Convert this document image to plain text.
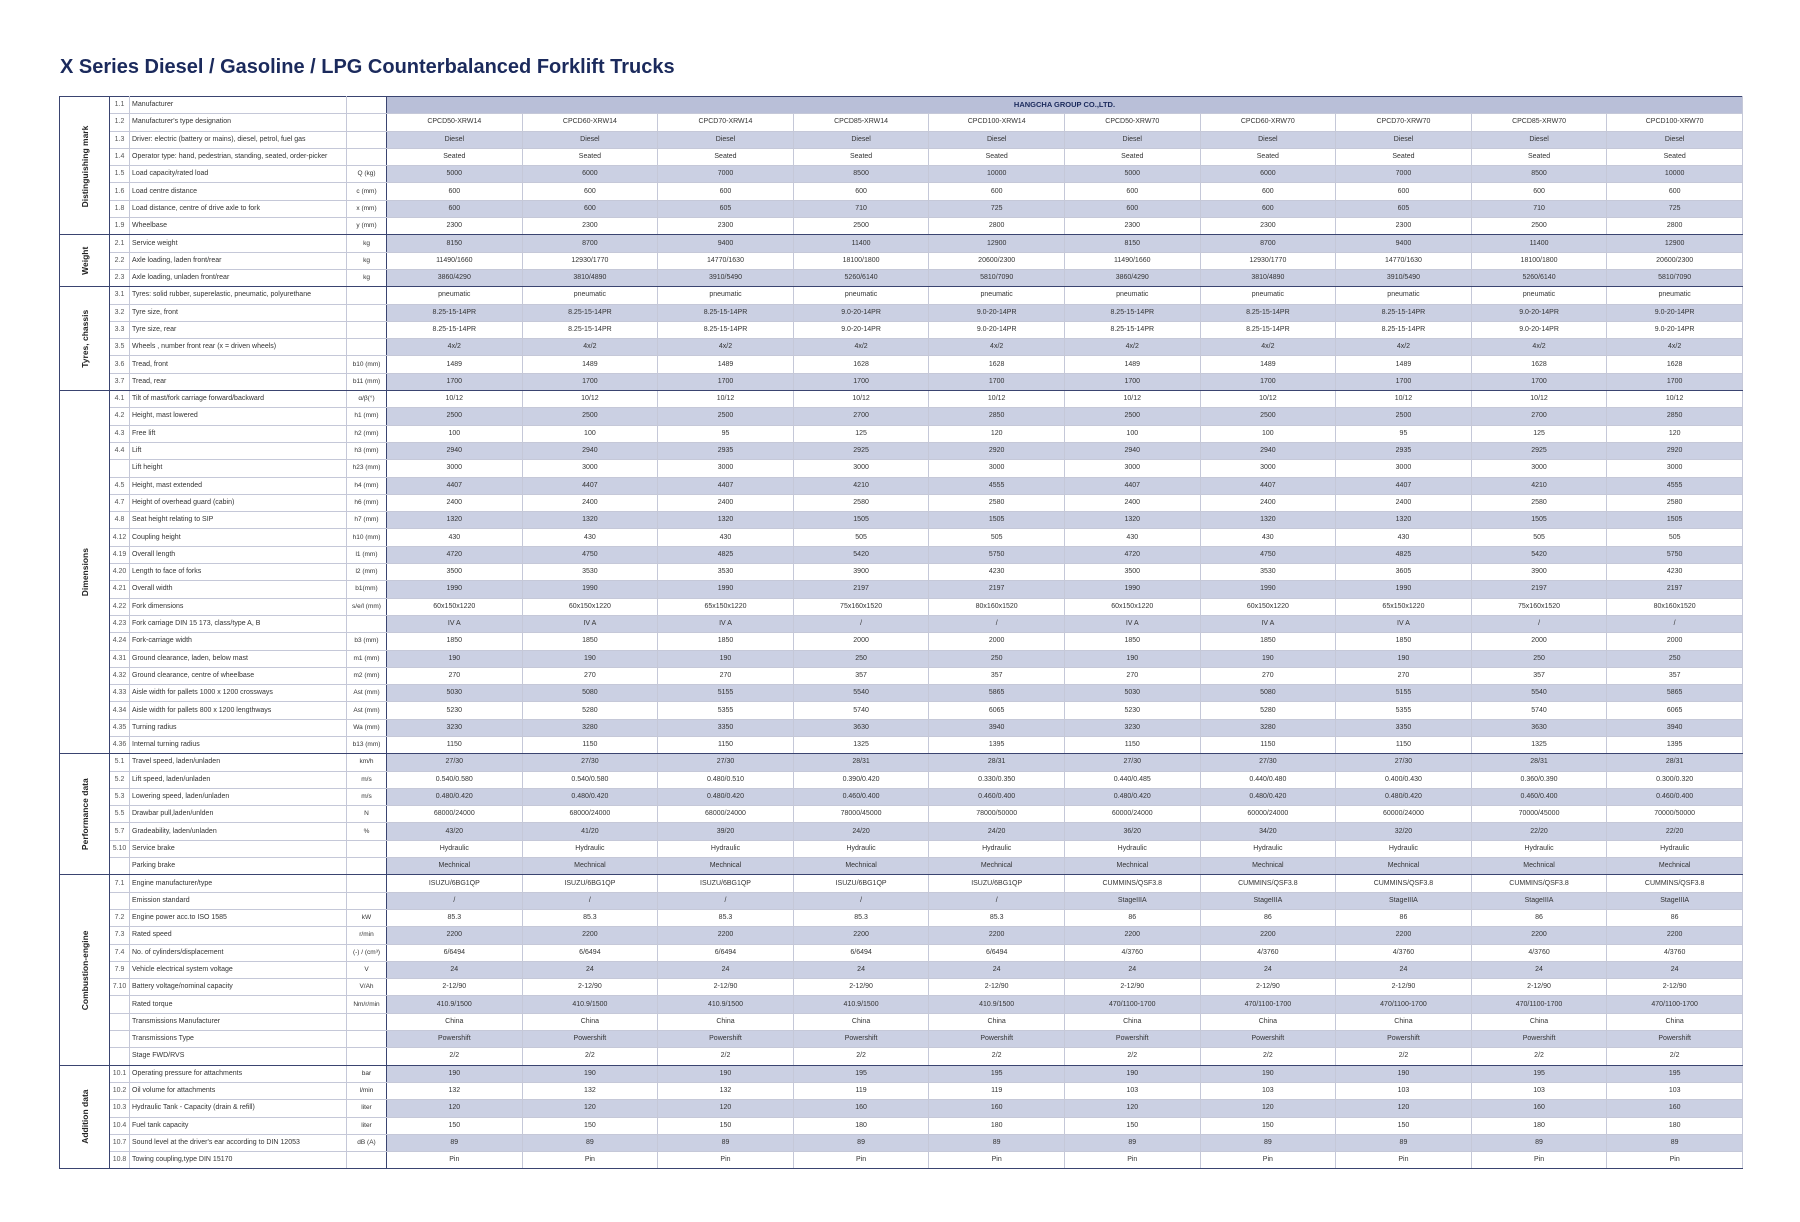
X Series Diesel / Gasoline / LPG Counterbalanced Forklift Trucks
Distinguishing mark	1.1	Manufacturer		HANGCHA GROUP CO.,LTD.									
	1.2	Manufacturer's type designation		CPCD50-XRW14	CPCD60-XRW14	CPCD70-XRW14	CPCD85-XRW14	CPCD100-XRW14	CPCD50-XRW70	CPCD60-XRW70	CPCD70-XRW70	CPCD85-XRW70	CPCD100-XRW70
	1.3	Driver: electric (battery or mains), diesel, petrol, fuel gas		Diesel	Diesel	Diesel	Diesel	Diesel	Diesel	Diesel	Diesel	Diesel	Diesel
	1.4	Operator type: hand, pedestrian, standing, seated, order-picker		Seated	Seated	Seated	Seated	Seated	Seated	Seated	Seated	Seated	Seated
	1.5	Load capacity/rated load	Q (kg)	5000	6000	7000	8500	10000	5000	6000	7000	8500	10000
	1.6	Load centre distance	c (mm)	600	600	600	600	600	600	600	600	600	600
	1.8	Load distance, centre of drive axle to fork	x (mm)	600	600	605	710	725	600	600	605	710	725
	1.9	Wheelbase	y (mm)	2300	2300	2300	2500	2800	2300	2300	2300	2500	2800
Weight	2.1	Service weight	kg	8150	8700	9400	11400	12900	8150	8700	9400	11400	12900
	2.2	Axle loading, laden front/rear	kg	11490/1660	12930/1770	14770/1630	18100/1800	20600/2300	11490/1660	12930/1770	14770/1630	18100/1800	20600/2300
	2.3	Axle loading, unladen front/rear	kg	3860/4290	3810/4890	3910/5490	5260/6140	5810/7090	3860/4290	3810/4890	3910/5490	5260/6140	5810/7090
Tyres, chassis	3.1	Tyres: solid rubber, superelastic, pneumatic, polyurethane		pneumatic	pneumatic	pneumatic	pneumatic	pneumatic	pneumatic	pneumatic	pneumatic	pneumatic	pneumatic
	3.2	Tyre size, front		8.25-15-14PR	8.25-15-14PR	8.25-15-14PR	9.0-20-14PR	9.0-20-14PR	8.25-15-14PR	8.25-15-14PR	8.25-15-14PR	9.0-20-14PR	9.0-20-14PR
	3.3	Tyre size, rear		8.25-15-14PR	8.25-15-14PR	8.25-15-14PR	9.0-20-14PR	9.0-20-14PR	8.25-15-14PR	8.25-15-14PR	8.25-15-14PR	9.0-20-14PR	9.0-20-14PR
	3.5	Wheels , number front rear (x = driven wheels)		4x/2	4x/2	4x/2	4x/2	4x/2	4x/2	4x/2	4x/2	4x/2	4x/2
	3.6	Tread, front	b10 (mm)	1489	1489	1489	1628	1628	1489	1489	1489	1628	1628
	3.7	Tread, rear	b11 (mm)	1700	1700	1700	1700	1700	1700	1700	1700	1700	1700
Dimensions	4.1	Tilt of mast/fork carriage forward/backward	α/β(°)	10/12	10/12	10/12	10/12	10/12	10/12	10/12	10/12	10/12	10/12
	4.2	Height, mast lowered	h1 (mm)	2500	2500	2500	2700	2850	2500	2500	2500	2700	2850
	4.3	Free lift	h2 (mm)	100	100	95	125	120	100	100	95	125	120
	4.4	Lift	h3 (mm)	2940	2940	2935	2925	2920	2940	2940	2935	2925	2920
		Lift height	h23 (mm)	3000	3000	3000	3000	3000	3000	3000	3000	3000	3000
	4.5	Height, mast extended	h4 (mm)	4407	4407	4407	4210	4555	4407	4407	4407	4210	4555
	4.7	Height of overhead guard (cabin)	h6 (mm)	2400	2400	2400	2580	2580	2400	2400	2400	2580	2580
	4.8	Seat height relating to SIP	h7 (mm)	1320	1320	1320	1505	1505	1320	1320	1320	1505	1505
	4.12	Coupling height	h10 (mm)	430	430	430	505	505	430	430	430	505	505
	4.19	Overall length	l1 (mm)	4720	4750	4825	5420	5750	4720	4750	4825	5420	5750
	4.20	Length to face of forks	l2 (mm)	3500	3530	3530	3900	4230	3500	3530	3605	3900	4230
	4.21	Overall width	b1(mm)	1990	1990	1990	2197	2197	1990	1990	1990	2197	2197
	4.22	Fork dimensions	s/e/l (mm)	60x150x1220	60x150x1220	65x150x1220	75x160x1520	80x160x1520	60x150x1220	60x150x1220	65x150x1220	75x160x1520	80x160x1520
	4.23	Fork carriage DIN 15 173, class/type A, B		IV A	IV A	IV A	/	/	IV A	IV A	IV A	/	/
	4.24	Fork-carriage width	b3 (mm)	1850	1850	1850	2000	2000	1850	1850	1850	2000	2000
	4.31	Ground clearance, laden, below mast	m1 (mm)	190	190	190	250	250	190	190	190	250	250
	4.32	Ground clearance, centre of wheelbase	m2 (mm)	270	270	270	357	357	270	270	270	357	357
	4.33	Aisle width for pallets 1000 x 1200 crossways	Ast (mm)	5030	5080	5155	5540	5865	5030	5080	5155	5540	5865
	4.34	Aisle width for pallets 800 x 1200 lengthways	Ast (mm)	5230	5280	5355	5740	6065	5230	5280	5355	5740	6065
	4.35	Turning radius	Wa (mm)	3230	3280	3350	3630	3940	3230	3280	3350	3630	3940
	4.36	Internal turning radius	b13 (mm)	1150	1150	1150	1325	1395	1150	1150	1150	1325	1395
Performance data	5.1	Travel speed, laden/unladen	km/h	27/30	27/30	27/30	28/31	28/31	27/30	27/30	27/30	28/31	28/31
	5.2	Lift speed, laden/unladen	m/s	0.540/0.580	0.540/0.580	0.480/0.510	0.390/0.420	0.330/0.350	0.440/0.485	0.440/0.480	0.400/0.430	0.360/0.390	0.300/0.320
	5.3	Lowering speed, laden/unladen	m/s	0.480/0.420	0.480/0.420	0.480/0.420	0.460/0.400	0.460/0.400	0.480/0.420	0.480/0.420	0.480/0.420	0.460/0.400	0.460/0.400
	5.5	Drawbar pull,laden/unlden	N	68000/24000	68000/24000	68000/24000	78000/45000	78000/50000	60000/24000	60000/24000	60000/24000	70000/45000	70000/50000
	5.7	Gradeability, laden/unladen	%	43/20	41/20	39/20	24/20	24/20	36/20	34/20	32/20	22/20	22/20
	5.10	Service brake		Hydraulic	Hydraulic	Hydraulic	Hydraulic	Hydraulic	Hydraulic	Hydraulic	Hydraulic	Hydraulic	Hydraulic
		Parking brake		Mechnical	Mechnical	Mechnical	Mechnical	Mechnical	Mechnical	Mechnical	Mechnical	Mechnical	Mechnical
Combustion-engine	7.1	Engine manufacturer/type		ISUZU/6BG1QP	ISUZU/6BG1QP	ISUZU/6BG1QP	ISUZU/6BG1QP	ISUZU/6BG1QP	CUMMINS/QSF3.8	CUMMINS/QSF3.8	CUMMINS/QSF3.8	CUMMINS/QSF3.8	CUMMINS/QSF3.8
		Emission standard		/	/	/	/	/	StageIIIA	StageIIIA	StageIIIA	StageIIIA	StageIIIA
	7.2	Engine power acc.to ISO 1585	kW	85.3	85.3	85.3	85.3	85.3	86	86	86	86	86
	7.3	Rated speed	r/min	2200	2200	2200	2200	2200	2200	2200	2200	2200	2200
	7.4	No. of cylinders/displacement	(-) / (cm³)	6/6494	6/6494	6/6494	6/6494	6/6494	4/3760	4/3760	4/3760	4/3760	4/3760
	7.9	Vehicle electrical system voltage	V	24	24	24	24	24	24	24	24	24	24
	7.10	Battery voltage/nominal capacity	V/Ah	2-12/90	2-12/90	2-12/90	2-12/90	2-12/90	2-12/90	2-12/90	2-12/90	2-12/90	2-12/90
		Rated torque	Nm/r/min	410.9/1500	410.9/1500	410.9/1500	410.9/1500	410.9/1500	470/1100-1700	470/1100-1700	470/1100-1700	470/1100-1700	470/1100-1700
		Transmissions Manufacturer		China	China	China	China	China	China	China	China	China	China
		Transmissions Type		Powershift	Powershift	Powershift	Powershift	Powershift	Powershift	Powershift	Powershift	Powershift	Powershift
		Stage FWD/RVS		2/2	2/2	2/2	2/2	2/2	2/2	2/2	2/2	2/2	2/2
Addition data	10.1	Operating pressure for attachments	bar	190	190	190	195	195	190	190	190	195	195
	10.2	Oil volume for attachments	l/min	132	132	132	119	119	103	103	103	103	103
	10.3	Hydraulic Tank - Capacity (drain & refill)	liter	120	120	120	160	160	120	120	120	160	160
	10.4	Fuel tank capacity	liter	150	150	150	180	180	150	150	150	180	180
	10.7	Sound level at the driver's ear according to DIN 12053	dB (A)	89	89	89	89	89	89	89	89	89	89
	10.8	Towing coupling,type DIN 15170		Pin	Pin	Pin	Pin	Pin	Pin	Pin	Pin	Pin	Pin
